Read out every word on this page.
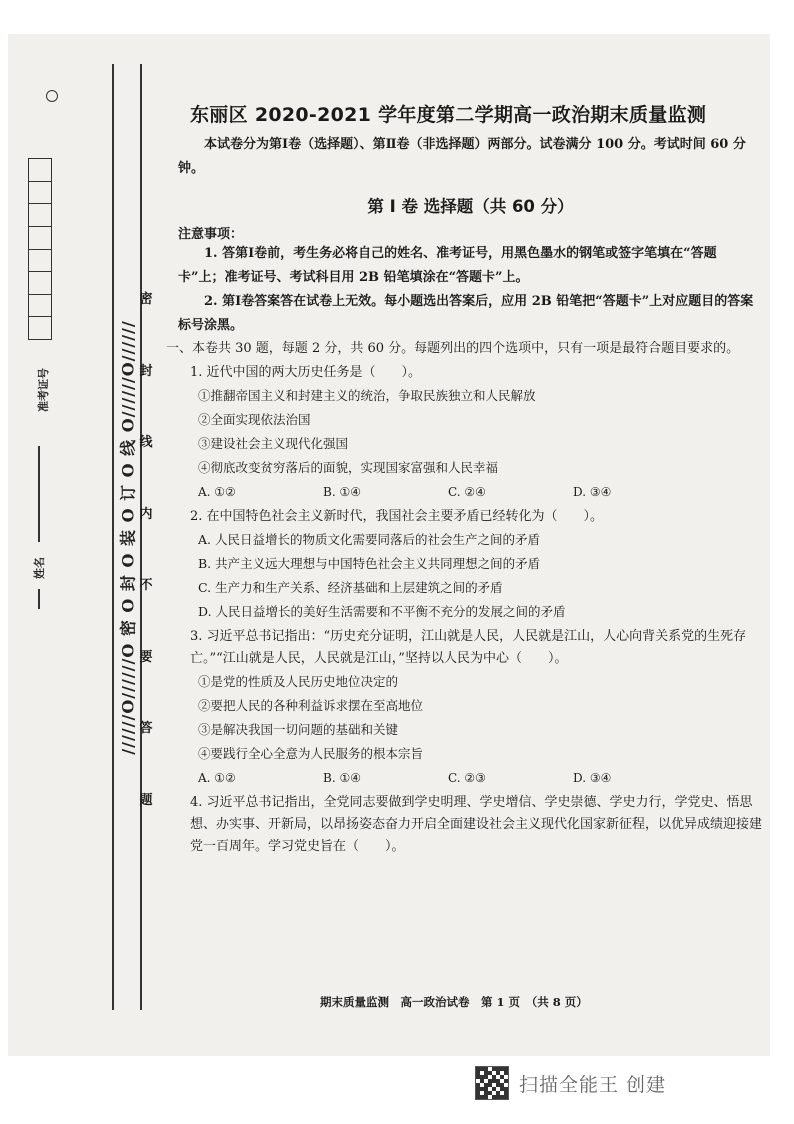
准考证号
姓名	//////O//////O 密 O 封 O 装 O 订 O 线 O//////O//////
密
封
线
内
不
要
答
题
东丽区 2020-2021 学年度第二学期高一政治期末质量监测
本试卷分为第Ⅰ卷（选择题）、第Ⅱ卷（非选择题）两部分。试卷满分 100 分。考试时间 60 分钟。
第 Ⅰ 卷 选择题（共 60 分）
注意事项：
1. 答第Ⅰ卷前，考生务必将自己的姓名、准考证号，用黑色墨水的钢笔或签字笔填在“答题卡”上；准考证号、考试科目用 2B 铅笔填涂在“答题卡”上。
2. 第Ⅰ卷答案答在试卷上无效。每小题选出答案后，应用 2B 铅笔把“答题卡”上对应题目的答案标号涂黑。
一、本卷共 30 题，每题 2 分，共 60 分。每题列出的四个选项中，只有一项是最符合题目要求的。
1. 近代中国的两大历史任务是（　　）。
①推翻帝国主义和封建主义的统治，争取民族独立和人民解放
②全面实现依法治国
③建设社会主义现代化强国
④彻底改变贫穷落后的面貌，实现国家富强和人民幸福
A. ①②	B. ①④	C. ②④	D. ③④
2. 在中国特色社会主义新时代，我国社会主要矛盾已经转化为（　　）。
A. 人民日益增长的物质文化需要同落后的社会生产之间的矛盾
B. 共产主义远大理想与中国特色社会主义共同理想之间的矛盾
C. 生产力和生产关系、经济基础和上层建筑之间的矛盾
D. 人民日益增长的美好生活需要和不平衡不充分的发展之间的矛盾
3. 习近平总书记指出：“历史充分证明，江山就是人民，人民就是江山，人心向背关系党的生死存亡。”“江山就是人民，人民就是江山，”坚持以人民为中心（　　）。
①是党的性质及人民历史地位决定的
②要把人民的各种利益诉求摆在至高地位
③是解决我国一切问题的基础和关键
④要践行全心全意为人民服务的根本宗旨
A. ①②	B. ①④	C. ②③	D. ③④
4. 习近平总书记指出，全党同志要做到学史明理、学史增信、学史崇德、学史力行，学党史、悟思想、办实事、开新局，以昂扬姿态奋力开启全面建设社会主义现代化国家新征程，以优异成绩迎接建党一百周年。学习党史旨在（　　）。
期末质量监测　高一政治试卷　第 1 页　（共 8 页）
扫描全能王 创建
